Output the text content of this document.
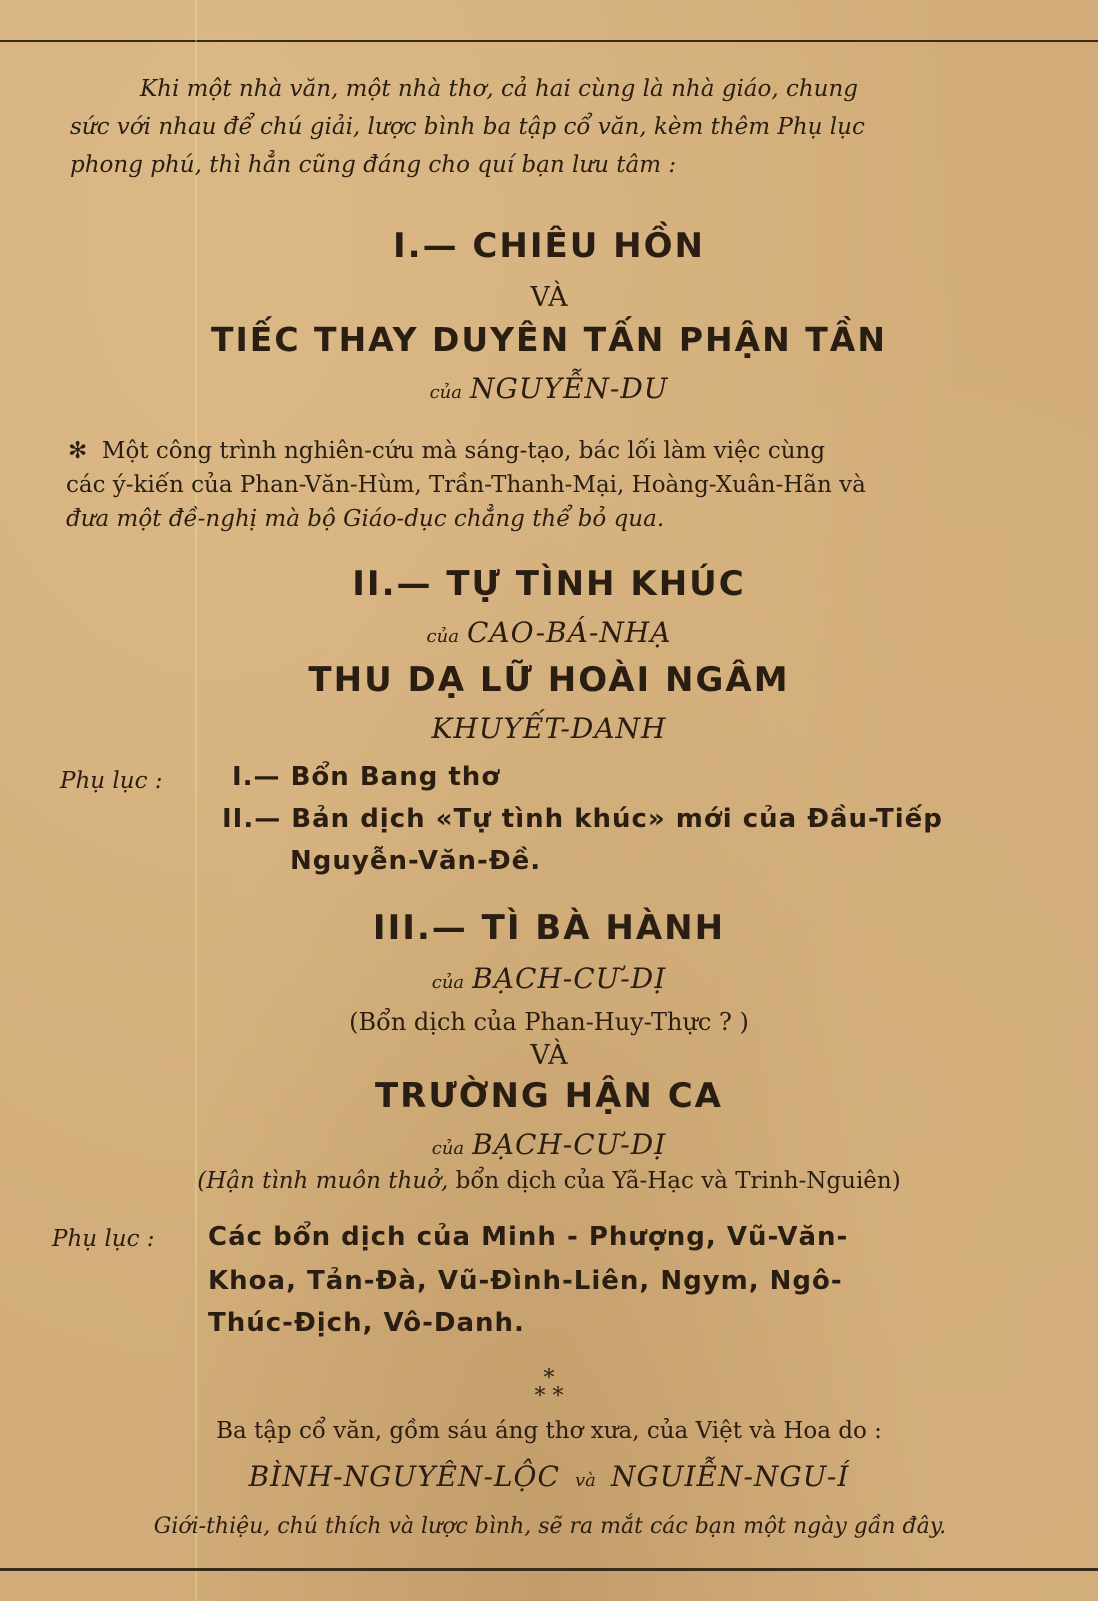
Khi một nhà văn, một nhà thơ, cả hai cùng là nhà giáo, chung
sức với nhau để chú giải, lược bình ba tập cổ văn, kèm thêm Phụ lục
phong phú, thì hẳn cũng đáng cho quí bạn lưu tâm :
I.— CHIÊU HỒN
VÀ
TIẾC THAY DUYÊN TẤN PHẬN TẦN
của NGUYỄN-DU
✻ Một công trình nghiên-cứu mà sáng-tạo, bác lối làm việc cùng
các ý-kiến của Phan-Văn-Hùm, Trần-Thanh-Mại, Hoàng-Xuân-Hãn và
đưa một đề-nghị mà bộ Giáo-dục chẳng thể bỏ qua.
II.— TỰ TÌNH KHÚC
của CAO-BÁ-NHẠ
THU DẠ LỮ HOÀI NGÂM
KHUYẾT-DANH
Phụ lục :	I.— Bổn Bang thơ
II.— Bản dịch «Tự tình khúc» mới của Đầu-Tiếp
Nguyễn-Văn-Đề.
III.— TÌ BÀ HÀNH
của BẠCH-CƯ-DỊ
(Bổn dịch của Phan-Huy-Thực ? )
VÀ
TRƯỜNG HẬN CA
của BẠCH-CƯ-DỊ
(Hận tình muôn thuở, bổn dịch của Yã-Hạc và Trinh-Nguiên)
Phụ lục : Các bổn dịch của Minh - Phượng, Vũ-Văn-
Khoa, Tản-Đà, Vũ-Đình-Liên, Ngym, Ngô-
Thúc-Địch, Vô-Danh.
*
* *
Ba tập cổ văn, gồm sáu áng thơ xưa, của Việt và Hoa do :
BÌNH-NGUYÊN-LỘC và NGUIỄN-NGU-Í
Giới-thiệu, chú thích và lược bình, sẽ ra mắt các bạn một ngày gần đây.
